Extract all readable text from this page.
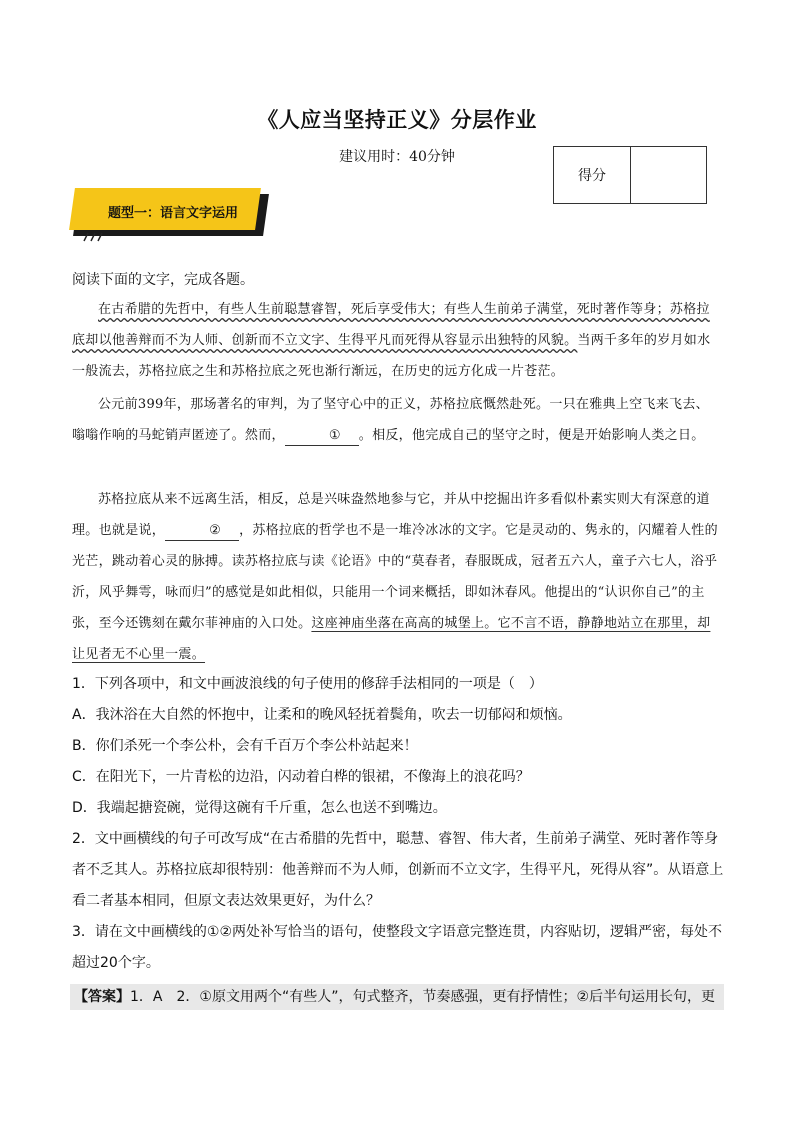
《人应当坚持正义》分层作业
建议用时：40分钟
得分
题型一：语言文字运用
阅读下面的文字，完成各题。
在古希腊的先哲中，有些人生前聪慧睿智，死后享受伟大；有些人生前弟子满堂，死时著作等身；苏格拉底却以他善辩而不为人师、创新而不立文字、生得平凡而死得从容显示出独特的风貌。当两千多年的岁月如水一般流去，苏格拉底之生和苏格拉底之死也渐行渐远，在历史的远方化成一片苍茫。
公元前399年，那场著名的审判，为了坚守心中的正义，苏格拉底慨然赴死。一只在雅典上空飞来飞去、嗡嗡作响的马蛇销声匿迹了。然而，	① 。相反，他完成自己的坚守之时，便是开始影响人类之日。
苏格拉底从来不远离生活，相反，总是兴味盎然地参与它，并从中挖掘出许多看似朴素实则大有深意的道理。也就是说，	② ，苏格拉底的哲学也不是一堆冷冰冰的文字。它是灵动的、隽永的，闪耀着人性的光芒，跳动着心灵的脉搏。读苏格拉底与读《论语》中的“莫春者，春服既成，冠者五六人，童子六七人，浴乎沂，风乎舞雩，咏而归”的感觉是如此相似，只能用一个词来概括，即如沐春风。他提出的“认识你自己”的主张，至今还镌刻在戴尔菲神庙的入口处。这座神庙坐落在高高的城堡上。它不言不语，静静地站立在那里，却让见者无不心里一震。
1．下列各项中，和文中画波浪线的句子使用的修辞手法相同的一项是（　）
A．我沐浴在大自然的怀抱中，让柔和的晚风轻抚着鬓角，吹去一切郁闷和烦恼。
B．你们杀死一个李公朴，会有千百万个李公朴站起来！
C．在阳光下，一片青松的边沿，闪动着白桦的银裙，不像海上的浪花吗？
D．我端起搪瓷碗，觉得这碗有千斤重，怎么也送不到嘴边。
2．文中画横线的句子可改写成“在古希腊的先哲中，聪慧、睿智、伟大者，生前弟子满堂、死时著作等身者不乏其人。苏格拉底却很特别：他善辩而不为人师，创新而不立文字，生得平凡，死得从容”。从语意上看二者基本相同，但原文表达效果更好，为什么？
3．请在文中画横线的①②两处补写恰当的语句，使整段文字语意完整连贯，内容贴切，逻辑严密，每处不超过20个字。
【答案】1．A　2．①原文用两个“有些人”，句式整齐，节奏感强，更有抒情性；②后半句运用长句，更
